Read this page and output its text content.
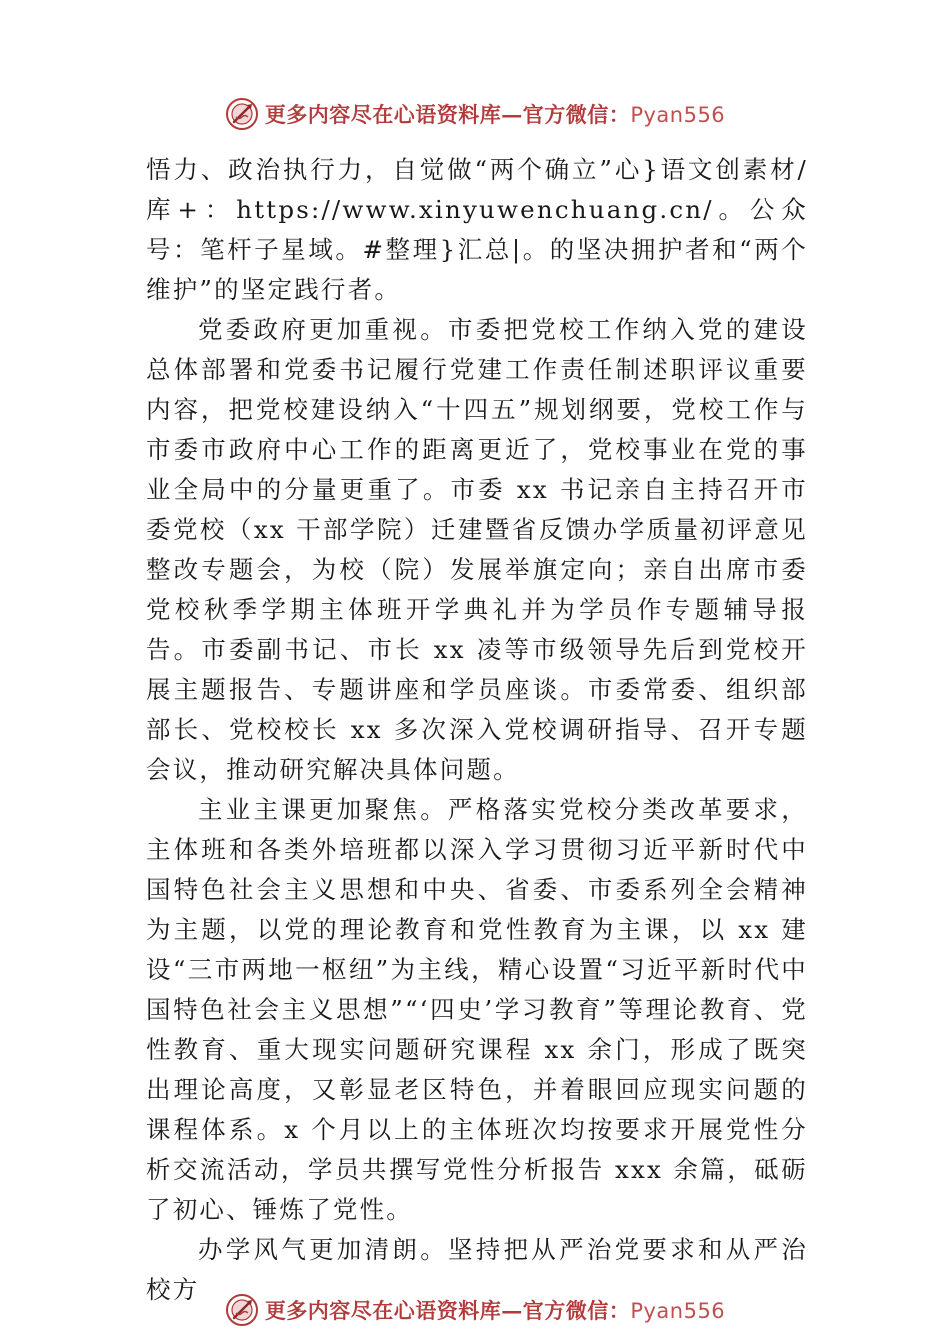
更多内容尽在心语资料库—官方微信：Pyan556

悟力、政治执行力，自觉做“两个确立”心}语文创素材/库+：https://www.xinyuwenchuang.cn/。公众号：笔杆子星域。#整理}汇总|。的坚决拥护者和“两个维护”的坚定践行者。

党委政府更加重视。市委把党校工作纳入党的建设总体部署和党委书记履行党建工作责任制述职评议重要内容，把党校建设纳入“十四五”规划纲要，党校工作与市委市政府中心工作的距离更近了，党校事业在党的事业全局中的分量更重了。市委 xx 书记亲自主持召开市委党校（xx 干部学院）迁建暨省反馈办学质量初评意见整改专题会，为校（院）发展举旗定向；亲自出席市委党校秋季学期主体班开学典礼并为学员作专题辅导报告。市委副书记、市长 xx 凌等市级领导先后到党校开展主题报告、专题讲座和学员座谈。市委常委、组织部部长、党校校长 xx 多次深入党校调研指导、召开专题会议，推动研究解决具体问题。

主业主课更加聚焦。严格落实党校分类改革要求，主体班和各类外培班都以深入学习贯彻习近平新时代中国特色社会主义思想和中央、省委、市委系列全会精神为主题，以党的理论教育和党性教育为主课，以 xx 建设“三市两地一枢纽”为主线，精心设置“习近平新时代中国特色社会主义思想”“‘四史’学习教育”等理论教育、党性教育、重大现实问题研究课程 xx 余门，形成了既突出理论高度，又彰显老区特色，并着眼回应现实问题的课程体系。x 个月以上的主体班次均按要求开展党性分析交流活动，学员共撰写党性分析报告 xxx 余篇，砥砺了初心、锤炼了党性。

办学风气更加清朗。坚持把从严治党要求和从严治校方

更多内容尽在心语资料库—官方微信：Pyan556
